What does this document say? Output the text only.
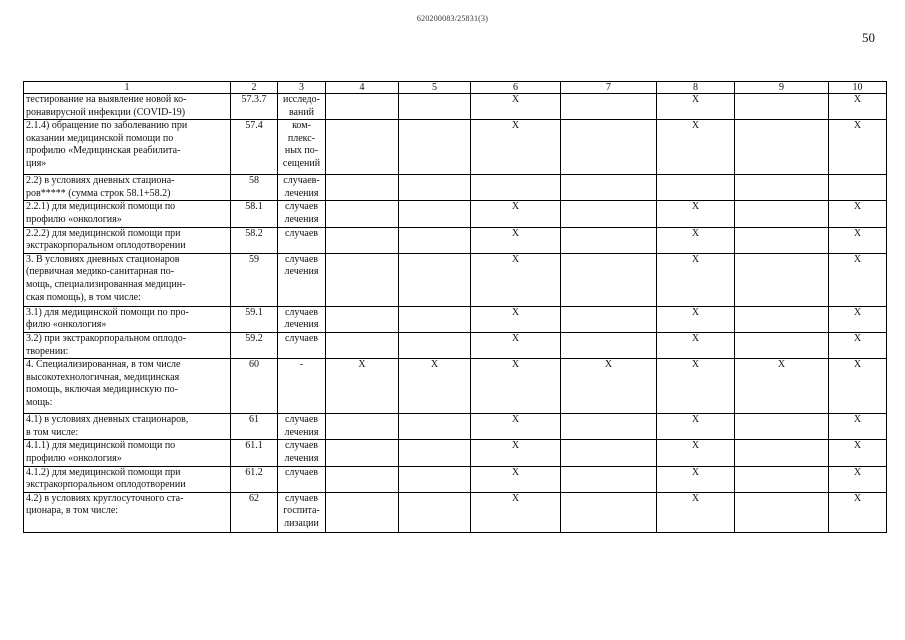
620200083/25831(3)
50
1	2	3	4	5	6	7	8	9	10
тестирование на выявление новой ко-
ронавирусной инфекции (COVID-19)	57.3.7	исследо-
ваний			X		X		X
2.1.4) обращение по заболеванию при
оказании медицинской помощи по
профилю «Медицинская реабилита-
ция»	57.4	ком-
плекс-
ных по-
сещений			X		X		X
2.2) в условиях дневных стациона-
ров***** (сумма строк 58.1+58.2)	58	случаев-
лечения							
2.2.1) для медицинской помощи по
профилю «онкология»	58.1	случаев
лечения			X		X		X
2.2.2) для медицинской помощи при
экстракорпоральном оплодотворении	58.2	случаев			X		X		X
3. В условиях дневных стационаров
(первичная медико-санитарная по-
мощь, специализированная медицин-
ская помощь), в том числе:	59	случаев
лечения			X		X		X
3.1) для медицинской помощи по про-
филю «онкология»	59.1	случаев
лечения			X		X		X
3.2) при экстракорпоральном оплодо-
творении:	59.2	случаев			X		X		X
4. Специализированная, в том числе
высокотехнологичная, медицинская
помощь, включая медицинскую по-
мощь:	60	-	X	X	X	X	X	X	X
4.1) в условиях дневных стационаров,
в том числе:	61	случаев
лечения			X		X		X
4.1.1) для медицинской помощи по
профилю «онкология»	61.1	случаев
лечения			X		X		X
4.1.2) для медицинской помощи при
экстракорпоральном оплодотворении	61.2	случаев			X		X		X
4.2) в условиях круглосуточного ста-
ционара, в том числе:	62	случаев
госпита-
лизации			X		X		X
